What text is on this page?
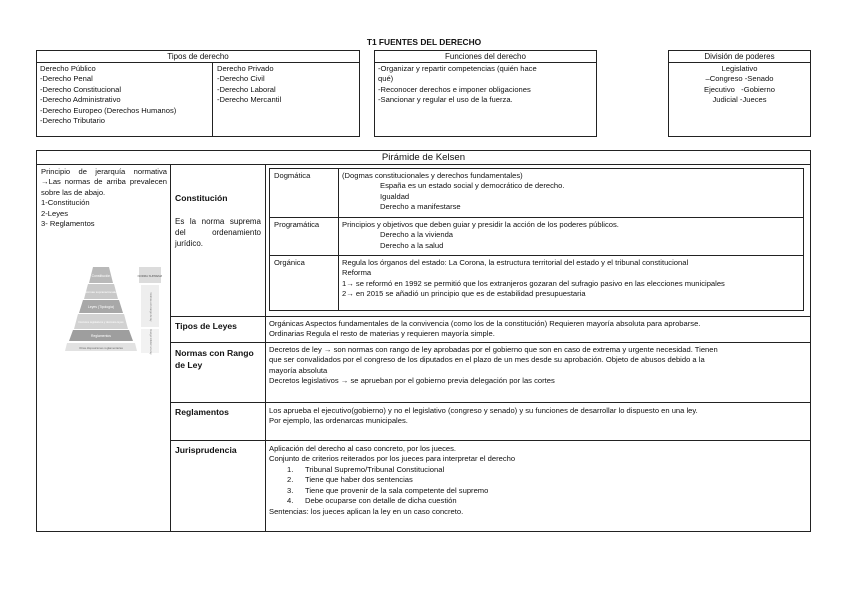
T1 FUENTES DEL DERECHO
Tipos de derecho
Derecho Público
-Derecho Penal
-Derecho Constitucional
-Derecho Administrativo
-Derecho Europeo (Derechos Humanos)
-Derecho Tributario
Derecho Privado
-Derecho Civil
-Derecho Laboral
-Derecho Mercantil
Funciones del derecho
-Organizar y repartir competencias (quién hace
qué)
-Reconocer derechos e imponer obligaciones
-Sancionar y regular el uso de la fuerza.
División de poderes
Legislativo
–Congreso -Senado
Ejecutivo   -Gobierno
Judicial -Jueces
Pirámide de Kelsen
Principio de jerarquía normativa →Las normas de arriba prevalecen sobre las de abajo.
1-Constitución
2-Leyes
3- Reglamentos
Constitución
Normas supranacionales
Leyes (Tipología)
Decretos legislativos y decretos-leyes
Reglamentos
Otras disposiciones reglamentarias
NORMA SUPREMA
Normas con rango de ley
Rango inferior a la ley
Constitución
Es la norma suprema del ordenamiento jurídico.
Dogmática	(Dogmas constitucionales y derechos fundamentales)
España es un estado social y democrático de derecho.
Igualdad
Derecho a manifestarse
Programática	Principios y objetivos que deben guiar y presidir la acción de los poderes públicos.
Derecho a la vivienda
Derecho a la salud
Orgánica	Regula los órganos del estado: La Corona, la estructura territorial del estado y el tribunal constitucional
Reforma
1→ se reformó en 1992 se permitió que los extranjeros gozaran del sufragio pasivo en las elecciones municipales
2→ en 2015 se añadió un principio que es de estabilidad presupuestaria
Tipos de Leyes	Orgánicas Aspectos fundamentales de la convivencia (como los de la constitución) Requieren mayoría absoluta para aprobarse.
Ordinarias Regula el resto de materias y requieren mayoría simple.
Normas con Rango de Ley
Decretos de ley → son normas con rango de ley aprobadas por el gobierno que son en caso de extrema y urgente necesidad. Tienen
que ser convalidados por el congreso de los diputados en el plazo de un mes desde su aprobación. Objeto de abusos debido a la
mayoría absoluta
Decretos legislativos → se aprueban por el gobierno previa delegación por las cortes
Reglamentos	Los aprueba el ejecutivo(gobierno) y no el legislativo (congreso y senado) y su funciones de desarrollar lo dispuesto en una ley.
Por ejemplo, las ordenarcas municipales.
Jurisprudencia	Aplicación del derecho al caso concreto, por los jueces.
Conjunto de criterios reiterados por los jueces para interpretar el derecho
1. Tribunal Supremo/Tribunal Constitucional
2. Tiene que haber dos sentencias
3. Tiene que provenir de la sala competente del supremo
4. Debe ocuparse con detalle de dicha cuestión
Sentencias: los jueces aplican la ley en un caso concreto.
